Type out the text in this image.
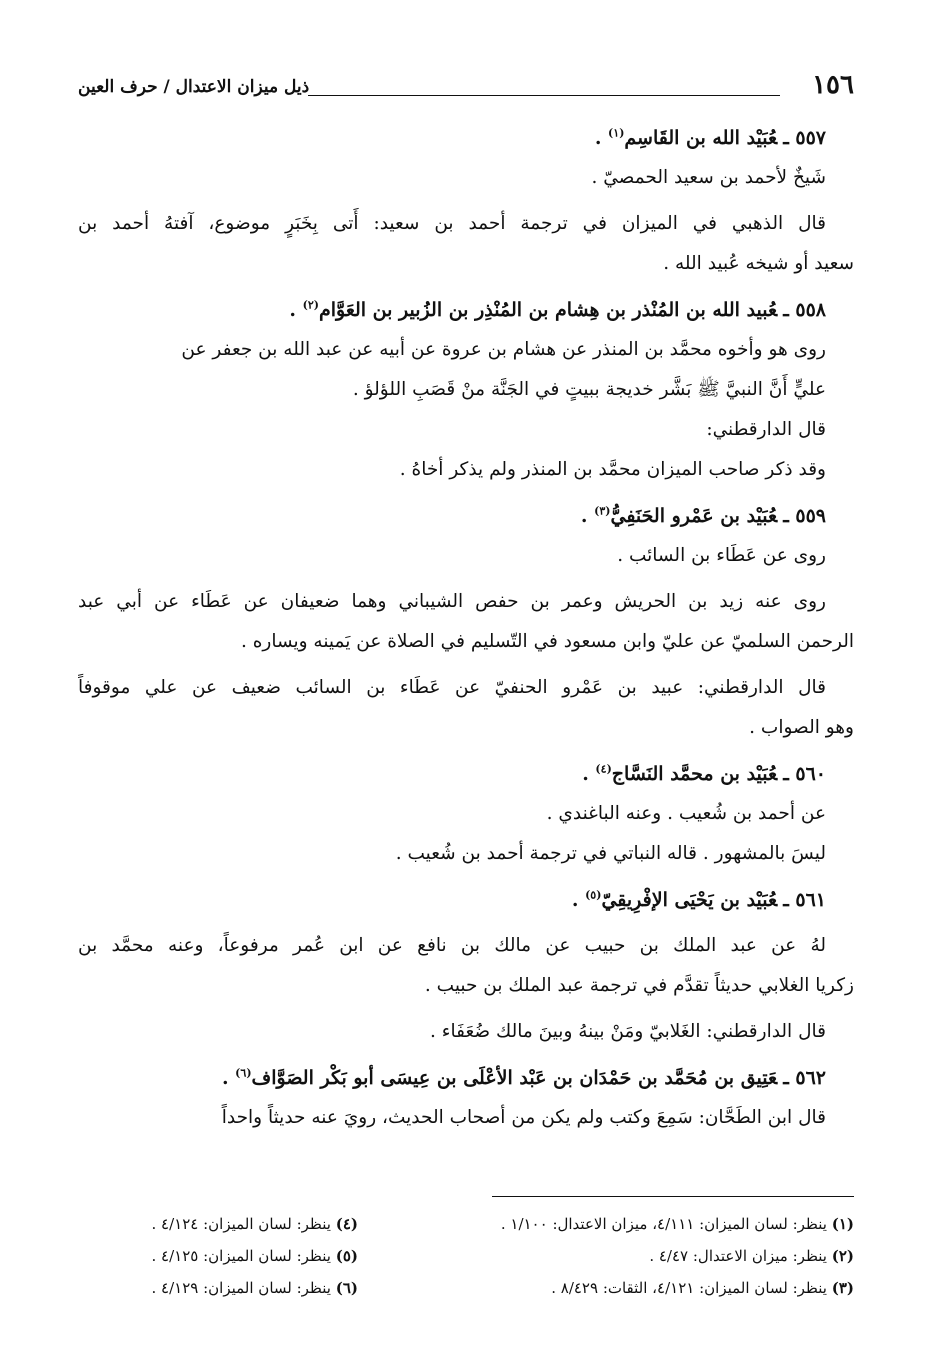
١٥٦
ذيل ميزان الاعتدال / حرف العين
٥٥٧ ـعُبَيْد الله بن القَاسِم$^{(١)}$ .
شَيخٌ لأحمد بن سعيد الحمصيّ .
قال الذهبي في الميزان في ترجمة أحمد بن سعيد: أَتى بِخَبَرٍ موضوع، آفتهُ أحمد بن
سعيد أو شيخه عُبيد الله .
٥٥٨ ـعُبيد الله بن المُنْذر بن هِشام بن المُنْذِر بن الزُبير بن العَوَّام$^{(٢)}$ .
روى هو وأخوه محمَّد بن المنذر عن هشام بن عروة عن أبيه عن عبد الله بن جعفر عن
عليٍّ أَنَّ النبيَّ ﷺ بَشَّر خديجة ببيتٍ في الجَنَّة منْ قَصَبِ اللؤلؤ .
قال الدارقطني:
وقد ذكر صاحب الميزان محمَّد بن المنذر ولم يذكر أخاهُ .
٥٥٩ ـعُبَيْد بن عَمْرو الحَنَفِيُّ$^{(٣)}$ .
روى عن عَطَاء بن السائب .
روى عنه زيد بن الحريش وعمر بن حفص الشيباني وهما ضعيفان عن عَطَاء عن أبي عبد
الرحمن السلميّ عن عليّ وابن مسعود في التّسليم في الصلاة عن يَمينه ويساره .
قال الدارقطني: عبيد بن عَمْرو الحنفيّ عن عَطَاء بن السائب ضعيف عن علي موقوفاً
وهو الصواب .
٥٦٠ ـعُبَيْد بن محمَّد النَسَّاج$^{(٤)}$ .
عن أحمد بن شُعيب . وعنه الباغندي .
ليسَ بالمشهور . قاله النباتي في ترجمة أحمد بن شُعيب .
٥٦١ ـعُبَيْد بن يَحْيَى الإفْرِيقِيّ$^{(٥)}$ .
لهُ عن عبد الملك بن حبيب عن مالك بن نافع عن ابن عُمر مرفوعاً، وعنه محمَّد بن
زكريا الغلابي حديثاً تقدَّم في ترجمة عبد الملك بن حبيب .
قال الدارقطني: الغَلابيّ ومَنْ بينهُ وبينَ مالك ضُعَفَاء .
٥٦٢ ـعَتِيق بن مُحَمَّد بن حَمْدَان بن عَبْد الأعْلَى بن عِيسَى أبو بَكْر الصَوَّاف$^{(٦)}$ .
قال ابن الطَحَّان: سَمِعَ وكتب ولم يكن من أصحاب الحديث، رويَ عنه حديثاً واحداً
(١) ينظر: لسان الميزان: ٤/١١١، ميزان الاعتدال: ١/١٠٠ .
(٢) ينظر: ميزان الاعتدال: ٤/٤٧ .
(٣) ينظر: لسان الميزان: ٤/١٢١، الثقات: ٨/٤٢٩ .
(٤) ينظر: لسان الميزان: ٤/١٢٤ .
(٥) ينظر: لسان الميزان: ٤/١٢٥ .
(٦) ينظر: لسان الميزان: ٤/١٢٩ .
